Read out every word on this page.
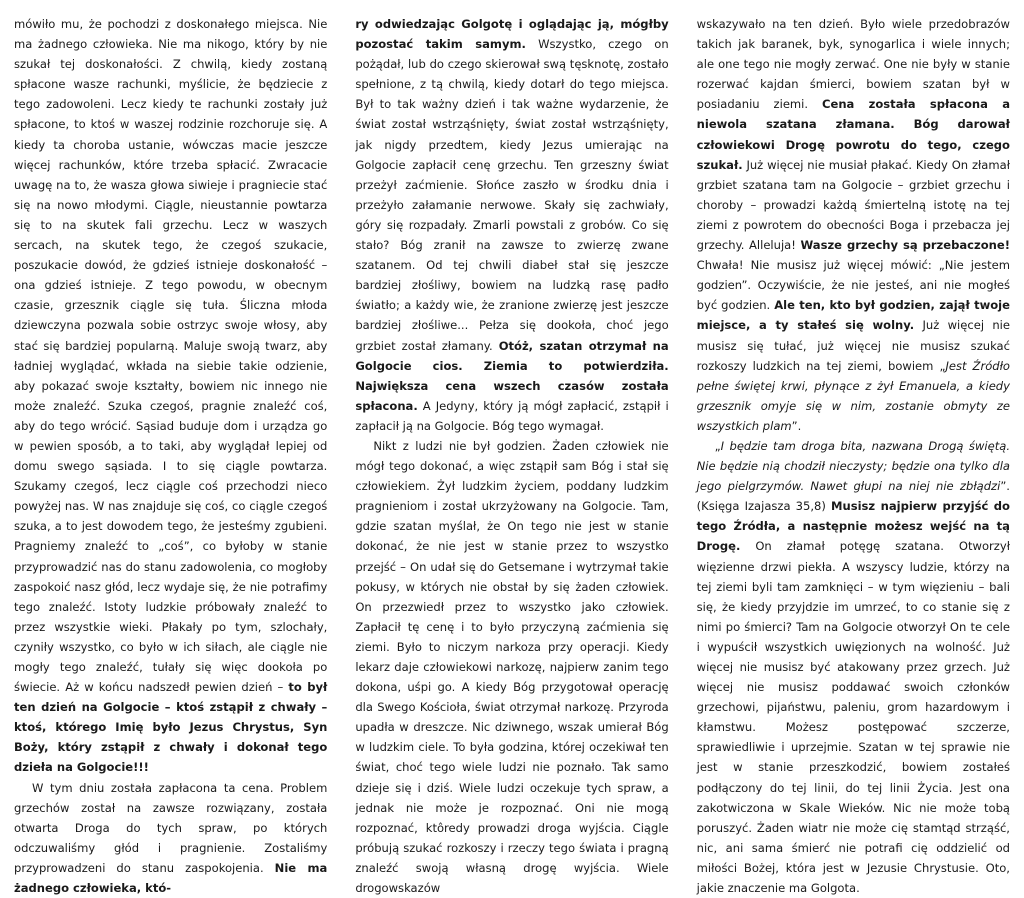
mówiło mu, że pochodzi z doskonałego miejsca. Nie ma żadnego człowieka. Nie ma nikogo, który by nie szukał tej doskonałości. Z chwilą, kiedy zostaną spłacone wasze rachunki, myślicie, że będziecie z tego zadowoleni. Lecz kiedy te rachunki zostały już spłacone, to ktoś w waszej rodzinie rozchoruje się. A kiedy ta choroba ustanie, wówczas macie jeszcze więcej rachunków, które trzeba spłacić. Zwracacie uwagę na to, że wasza głowa siwieje i pragniecie stać się na nowo młodymi. Ciągle, nieustannie powtarza się to na skutek fali grzechu. Lecz w waszych sercach, na skutek tego, że czegoś szukacie, poszukacie dowód, że gdzieś istnieje doskonałość – ona gdzieś istnieje. Z tego powodu, w obecnym czasie, grzesznik ciągle się tuła. Śliczna młoda dziewczyna pozwala sobie ostrzyc swoje włosy, aby stać się bardziej popularną. Maluje swoją twarz, aby ładniej wyglądać, wkłada na siebie takie odzienie, aby pokazać swoje kształty, bowiem nic innego nie może znaleźć. Szuka czegoś, pragnie znaleźć coś, aby do tego wrócić. Sąsiad buduje dom i urządza go w pewien sposób, a to taki, aby wyglądał lepiej od domu swego sąsiada. I to się ciągle powtarza. Szukamy czegoś, lecz ciągle coś przechodzi nieco powyżej nas. W nas znajduje się coś, co ciągle czegoś szuka, a to jest dowodem tego, że jesteśmy zgubieni. Pragniemy znaleźć to „coś”, co byłoby w stanie przyprowadzić nas do stanu zadowolenia, co mogłoby zaspokoić nasz głód, lecz wydaje się, że nie potrafimy tego znaleźć. Istoty ludzkie próbowały znaleźć to przez wszystkie wieki. Płakały po tym, szlochały, czyniły wszystko, co było w ich siłach, ale ciągle nie mogły tego znaleźć, tułały się więc dookoła po świecie. Aż w końcu nadszedł pewien dzień – to był ten dzień na Golgocie – ktoś zstąpił z chwały – ktoś, którego Imię było Jezus Chrystus, Syn Boży, który zstąpił z chwały i dokonał tego dzieła na Golgocie!!!

W tym dniu została zapłacona ta cena. Problem grzechów został na zawsze rozwiązany, została otwarta Droga do tych spraw, po których odczuwaliśmy głód i pragnienie. Zostaliśmy przyprowadzeni do stanu zaspokojenia. Nie ma żadnego człowieka, któ-

ry odwiedzając Golgotę i oglądając ją, mógłby pozostać takim samym. Wszystko, czego on pożądał, lub do czego skierował swą tęsknotę, zostało spełnione, z tą chwilą, kiedy dotarł do tego miejsca. Był to tak ważny dzień i tak ważne wydarzenie, że świat został wstrząśnięty, świat został wstrząśnięty, jak nigdy przedtem, kiedy Jezus umierając na Golgocie zapłacił cenę grzechu. Ten grzeszny świat przeżył zaćmienie. Słońce zaszło w środku dnia i przeżyło załamanie nerwowe. Skały się zachwiały, góry się rozpadały. Zmarli powstali z grobów. Co się stało? Bóg zranił na zawsze to zwierzę zwane szatanem. Od tej chwili diabeł stał się jeszcze bardziej złośliwy, bowiem na ludzką rasę padło światło; a każdy wie, że zranione zwierzę jest jeszcze bardziej złośliwe... Pełza się dookoła, choć jego grzbiet został złamany. Otóż, szatan otrzymał na Golgocie cios. Ziemia to potwierdziła. Największa cena wszech czasów została spłacona. A Jedyny, który ją mógł zapłacić, zstąpił i zapłacił ją na Golgocie. Bóg tego wymagał.

Nikt z ludzi nie był godzien. Żaden człowiek nie mógł tego dokonać, a więc zstąpił sam Bóg i stał się człowiekiem. Żył ludzkim życiem, poddany ludzkim pragnieniom i został ukrzyżowany na Golgocie. Tam, gdzie szatan myślał, że On tego nie jest w stanie dokonać, że nie jest w stanie przez to wszystko przejść – On udał się do Getsemane i wytrzymał takie pokusy, w których nie obstał by się żaden człowiek. On przezwiedł przez to wszystko jako człowiek. Zapłacił tę cenę i to było przyczyną zaćmienia się ziemi. Było to niczym narkoza przy operacji. Kiedy lekarz daje człowiekowi narkozę, najpierw zanim tego dokona, uśpi go. A kiedy Bóg przygotował operację dla Swego Kościoła, świat otrzymał narkozę. Przyroda upadła w dreszcze. Nic dziwnego, wszak umierał Bóg w ludzkim ciele. To była godzina, której oczekiwał ten świat, choć tego wiele ludzi nie poznało. Tak samo dzieje się i dziś. Wiele ludzi oczekuje tych spraw, a jednak nie może je rozpoznać. Oni nie mogą rozpoznać, ktôredy prowadzi droga wyjścia. Ciągle próbują szukać rozkoszy i rzeczy tego świata i pragną znaleźć swoją własną drogę wyjścia. Wiele drogowskazów

wskazywało na ten dzień. Było wiele przedobrazów takich jak baranek, byk, synogarlica i wiele innych; ale one tego nie mogły zerwać. One nie były w stanie rozerwać kajdan śmierci, bowiem szatan był w posiadaniu ziemi. Cena została spłacona a niewola szatana złamana. Bóg darował człowiekowi Drogę powrotu do tego, czego szukał. Już więcej nie musiał płakać. Kiedy On złamał grzbiet szatana tam na Golgocie – grzbiet grzechu i choroby – prowadzi każdą śmiertelną istotę na tej ziemi z powrotem do obecności Boga i przebacza jej grzechy. Alleluja! Wasze grzechy są przebaczone! Chwała! Nie musisz już więcej mówić: „Nie jestem godzien”. Oczywiście, że nie jesteś, ani nie mogłeś być godzien. Ale ten, kto był godzien, zajął twoje miejsce, a ty stałeś się wolny. Już więcej nie musisz się tułać, już więcej nie musisz szukać rozkoszy ludzkich na tej ziemi, bowiem „Jest Źródło pełne świętej krwi, płynące z żył Emanuela, a kiedy grzesznik omyje się w nim, zostanie obmyty ze wszystkich plam”.

„I będzie tam droga bita, nazwana Drogą świętą. Nie będzie nią chodził nieczysty; będzie ona tylko dla jego pielgrzymów. Nawet głupi na niej nie zbłądzi”. (Księga Izajasza 35,8) Musisz najpierw przyjść do tego Źródła, a następnie możesz wejść na tą Drogę. On złamał potęgę szatana. Otworzył więzienne drzwi piekła. A wszyscy ludzie, którzy na tej ziemi byli tam zamknięci – w tym więzieniu – bali się, że kiedy przyjdzie im umrzeć, to co stanie się z nimi po śmierci? Tam na Golgocie otworzył On te cele i wypuścił wszystkich uwięzionych na wolność. Już więcej nie musisz być atakowany przez grzech. Już więcej nie musisz poddawać swoich członków grzechowi, pijaństwu, paleniu, grom hazardowym i kłamstwu. Możesz postępować szczerze, sprawiedliwie i uprzejmie. Szatan w tej sprawie nie jest w stanie przeszkodzić, bowiem zostałeś podłączony do tej linii, do tej linii Życia. Jest ona zakotwiczona w Skale Wieków. Nic nie może tobą poruszyć. Żaden wiatr nie może cię stamtąd strząść, nic, ani sama śmierć nie potrafi cię oddzielić od miłości Bożej, która jest w Jezusie Chrystusie. Oto, jakie znaczenie ma Golgota.
